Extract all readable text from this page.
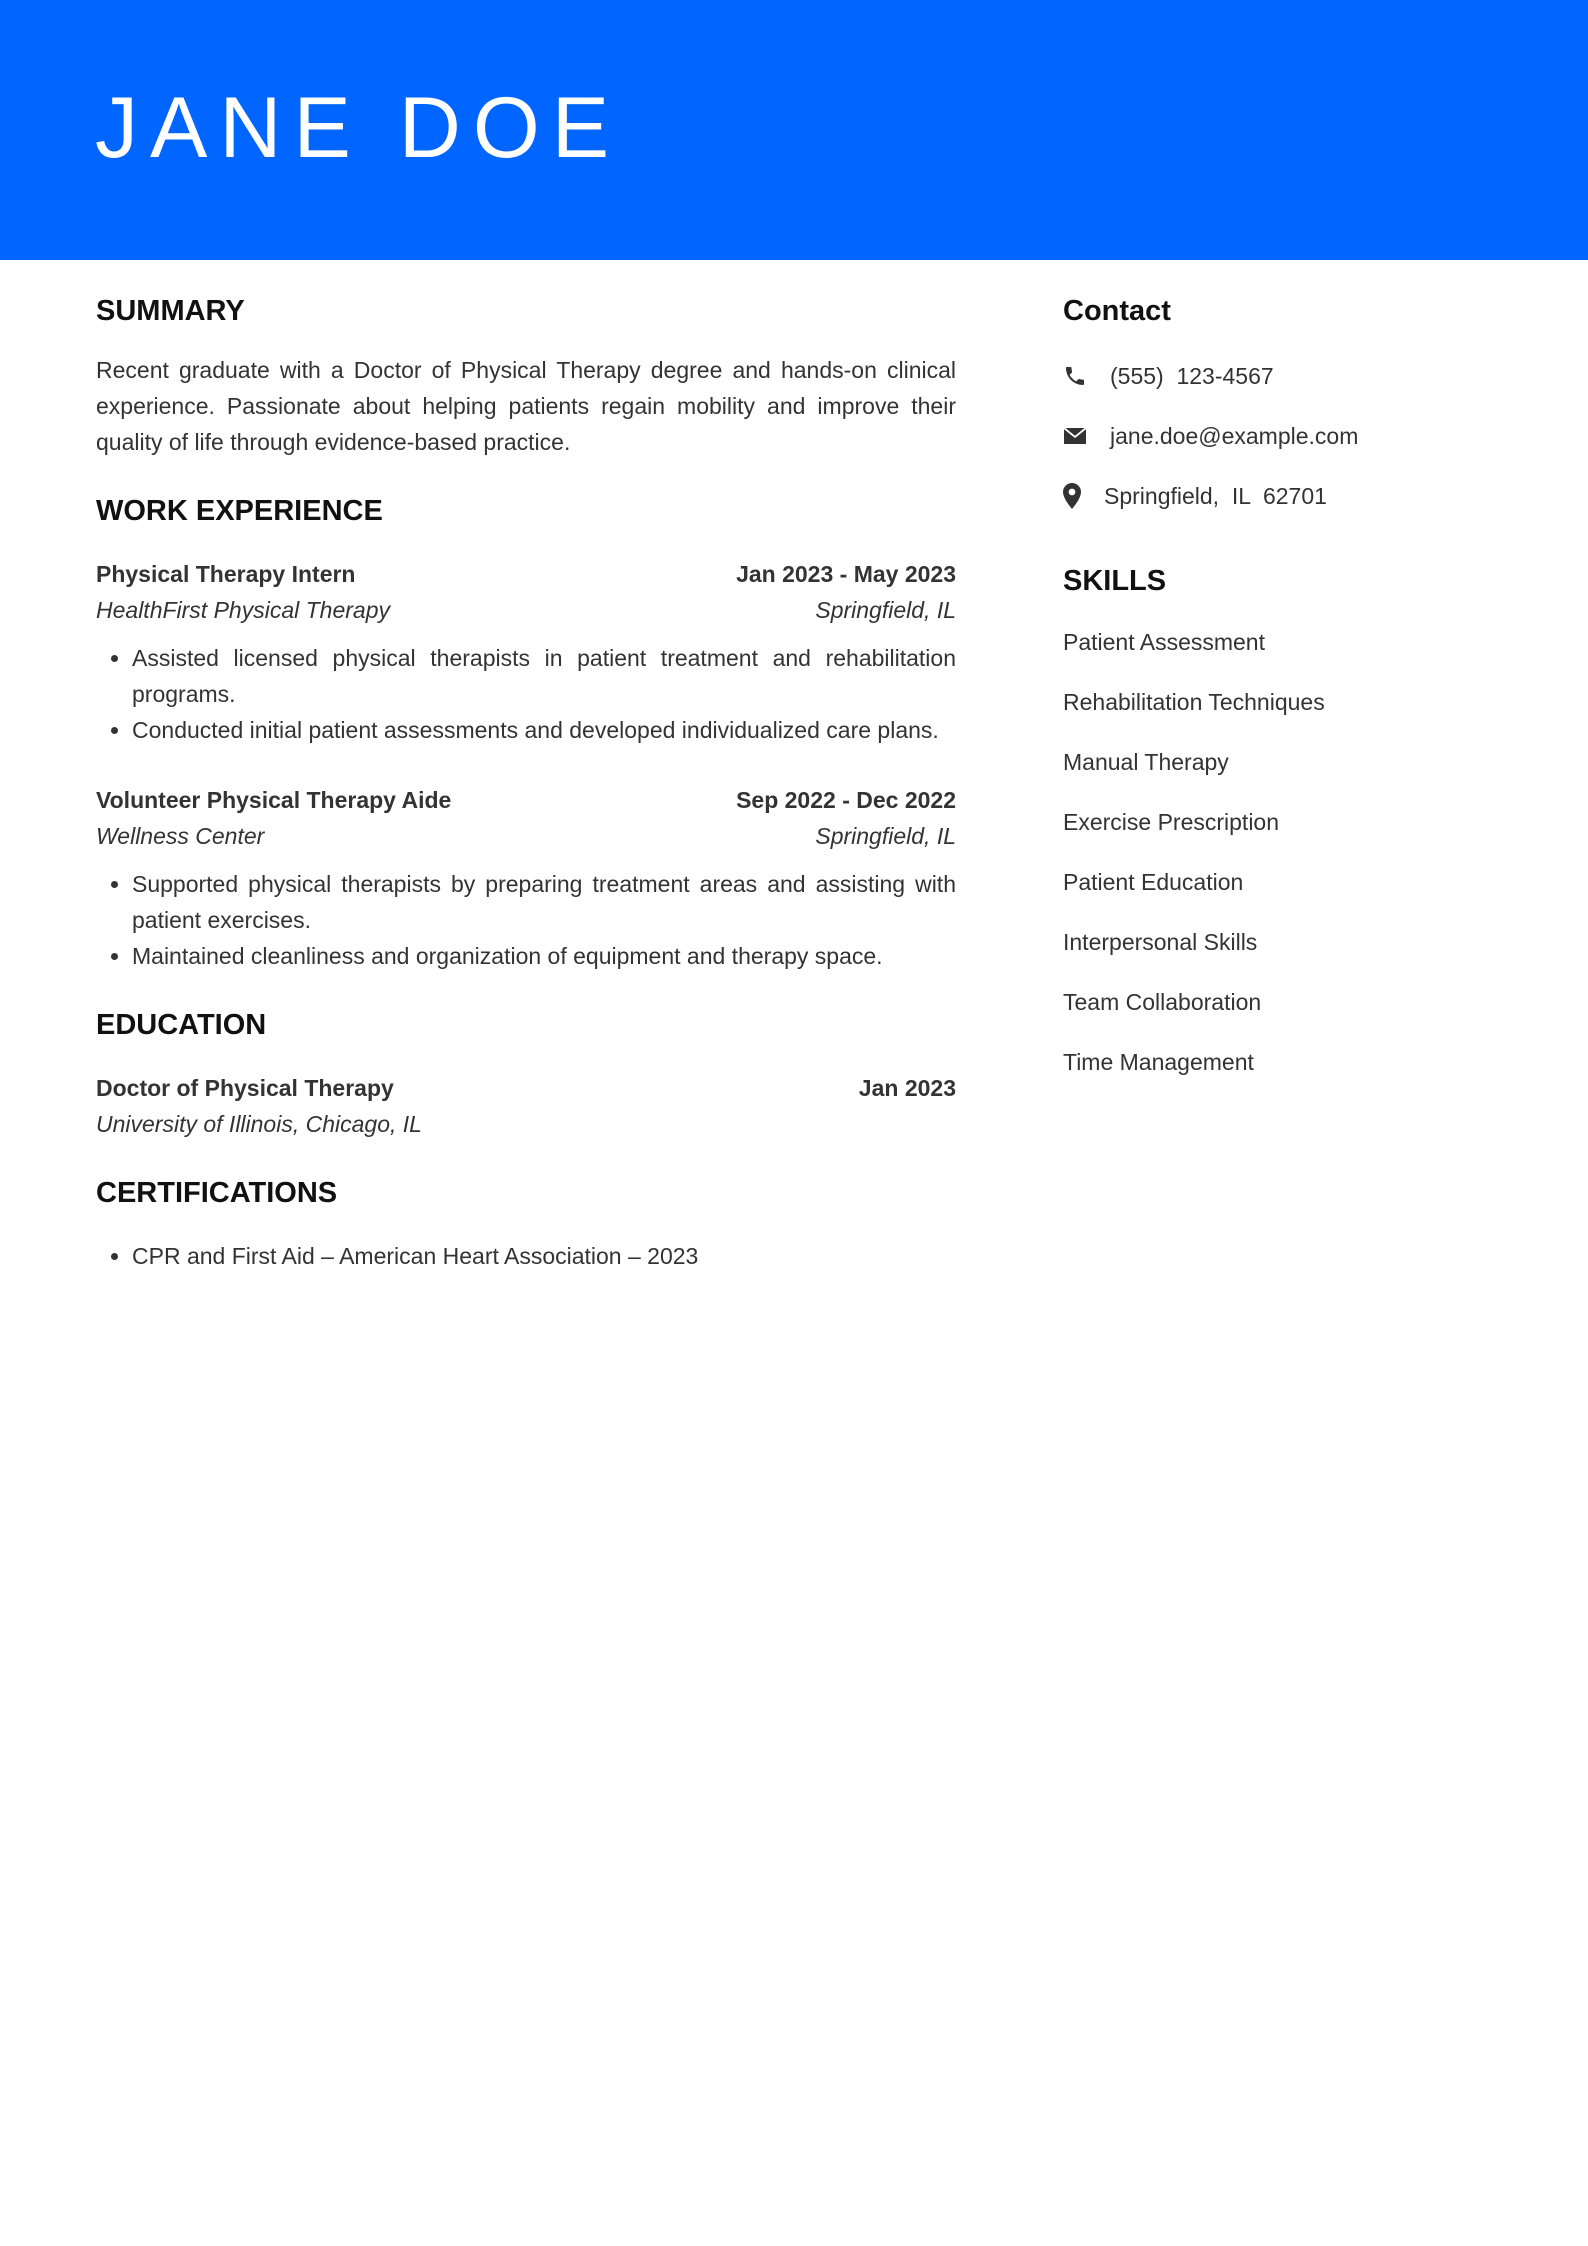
JANE DOE
SUMMARY

Recent graduate with a Doctor of Physical Therapy degree and hands-on clinical experience. Passionate about helping patients regain mobility and improve their quality of life through evidence-based practice.

WORK EXPERIENCE
Physical Therapy Intern	Jan 2023 - May 2023
HealthFirst Physical Therapy	Springfield, IL
• Assisted licensed physical therapists in patient treatment and rehabilitation programs.
• Conducted initial patient assessments and developed individualized care plans.
Volunteer Physical Therapy Aide	Sep 2022 - Dec 2022
Wellness Center	Springfield, IL
• Supported physical therapists by preparing treatment areas and assisting with patient exercises.
• Maintained cleanliness and organization of equipment and therapy space.
EDUCATION
Doctor of Physical Therapy	Jan 2023
University of Illinois, Chicago, IL
CERTIFICATIONS
• CPR and First Aid – American Heart Association – 2023
Contact
(555)  123-4567
jane.doe@example.com
Springfield,  IL  62701
SKILLS
Patient Assessment
Rehabilitation Techniques
Manual Therapy
Exercise Prescription
Patient Education
Interpersonal Skills
Team Collaboration
Time Management
